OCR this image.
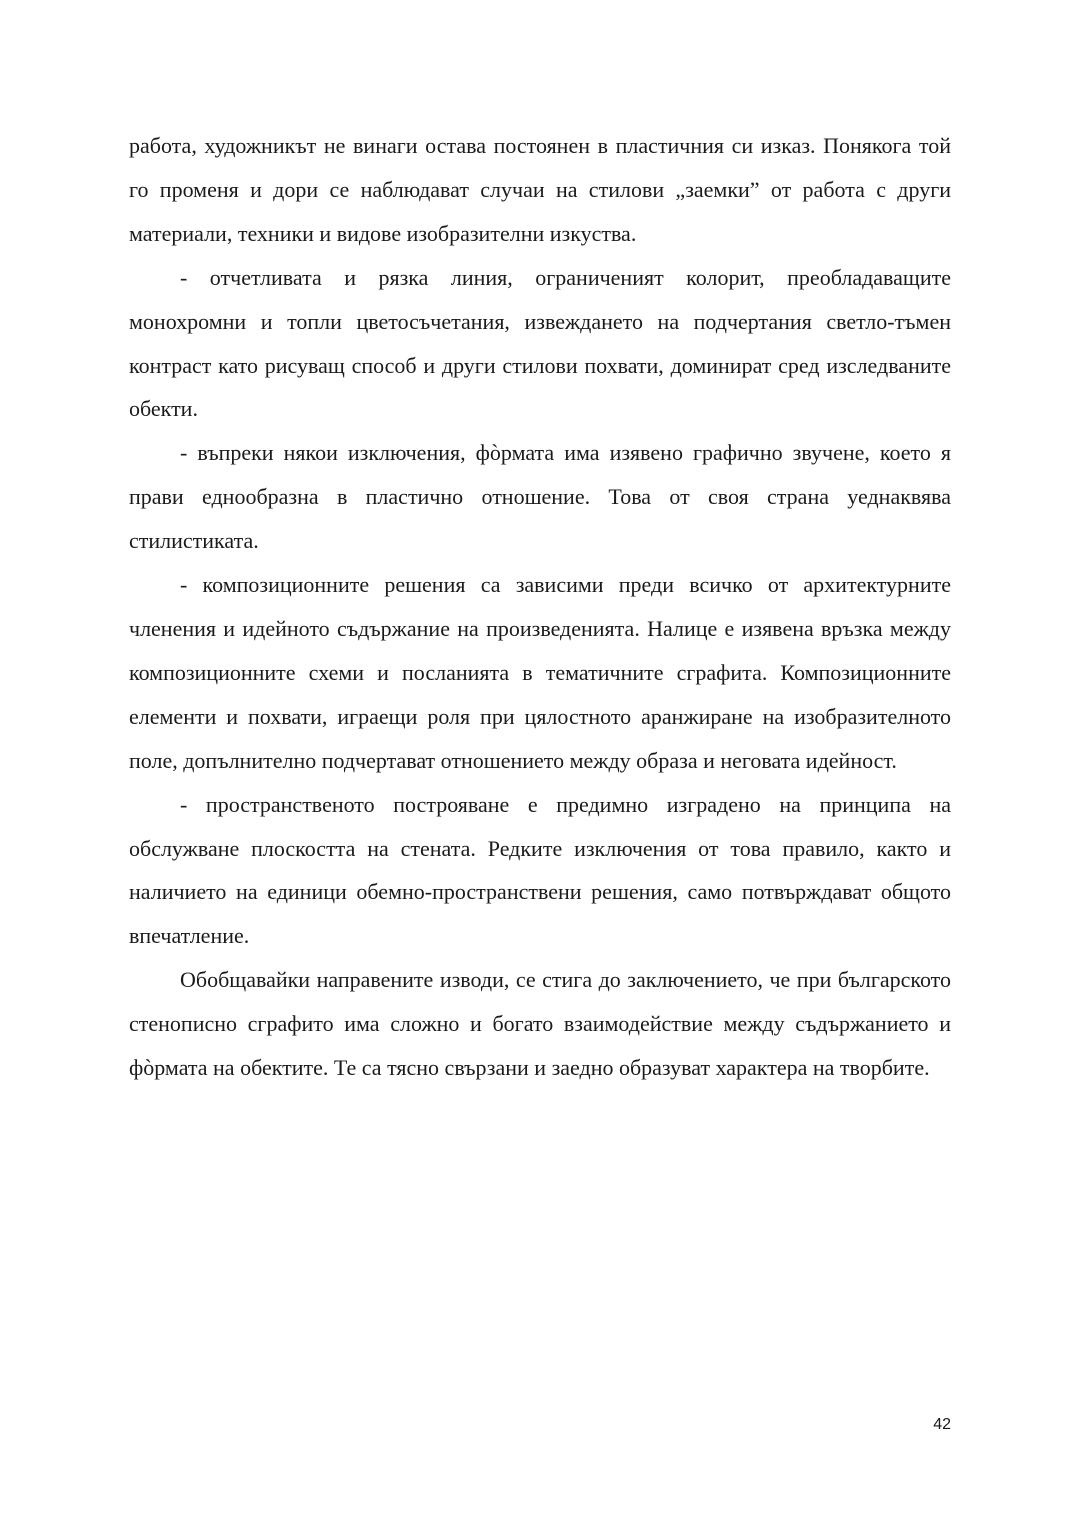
работа, художникът не винаги остава постоянен в пластичния си изказ. Понякога той го променя и дори се наблюдават случаи на стилови „заемки” от работа с други материали, техники и видове изобразителни изкуства.

- отчетливата и рязка линия, ограниченият колорит, преобладаващите монохромни и топли цветосъчетания, извеждането на подчертания светло-тъмен контраст като рисуващ способ и други стилови похвати, доминират сред изследваните обекти.

- въпреки някои изключения, фòрмата има изявено графично звучене, което я прави еднообразна в пластично отношение. Това от своя страна уеднаквява стилистиката.

- композиционните решения са зависими преди всичко от архитектурните членения и идейното съдържание на произведенията. Налице е изявена връзка между композиционните схеми и посланията в тематичните сграфита. Композиционните елементи и похвати, играещи роля при цялостното аранжиране на изобразителното поле, допълнително подчертават отношението между образа и неговата идейност.

- пространственото построяване е предимно изградено на принципа на обслужване плоскостта на стената. Редките изключения от това правило, както и наличието на единици обемно-пространствени решения, само потвърждават общото впечатление.

Обобщавайки направените изводи, се стига до заключението, че при българското стенописно сграфито има сложно и богато взаимодействие между съдържанието и фòрмата на обектите. Те са тясно свързани и заедно образуват характера на творбите.

42
